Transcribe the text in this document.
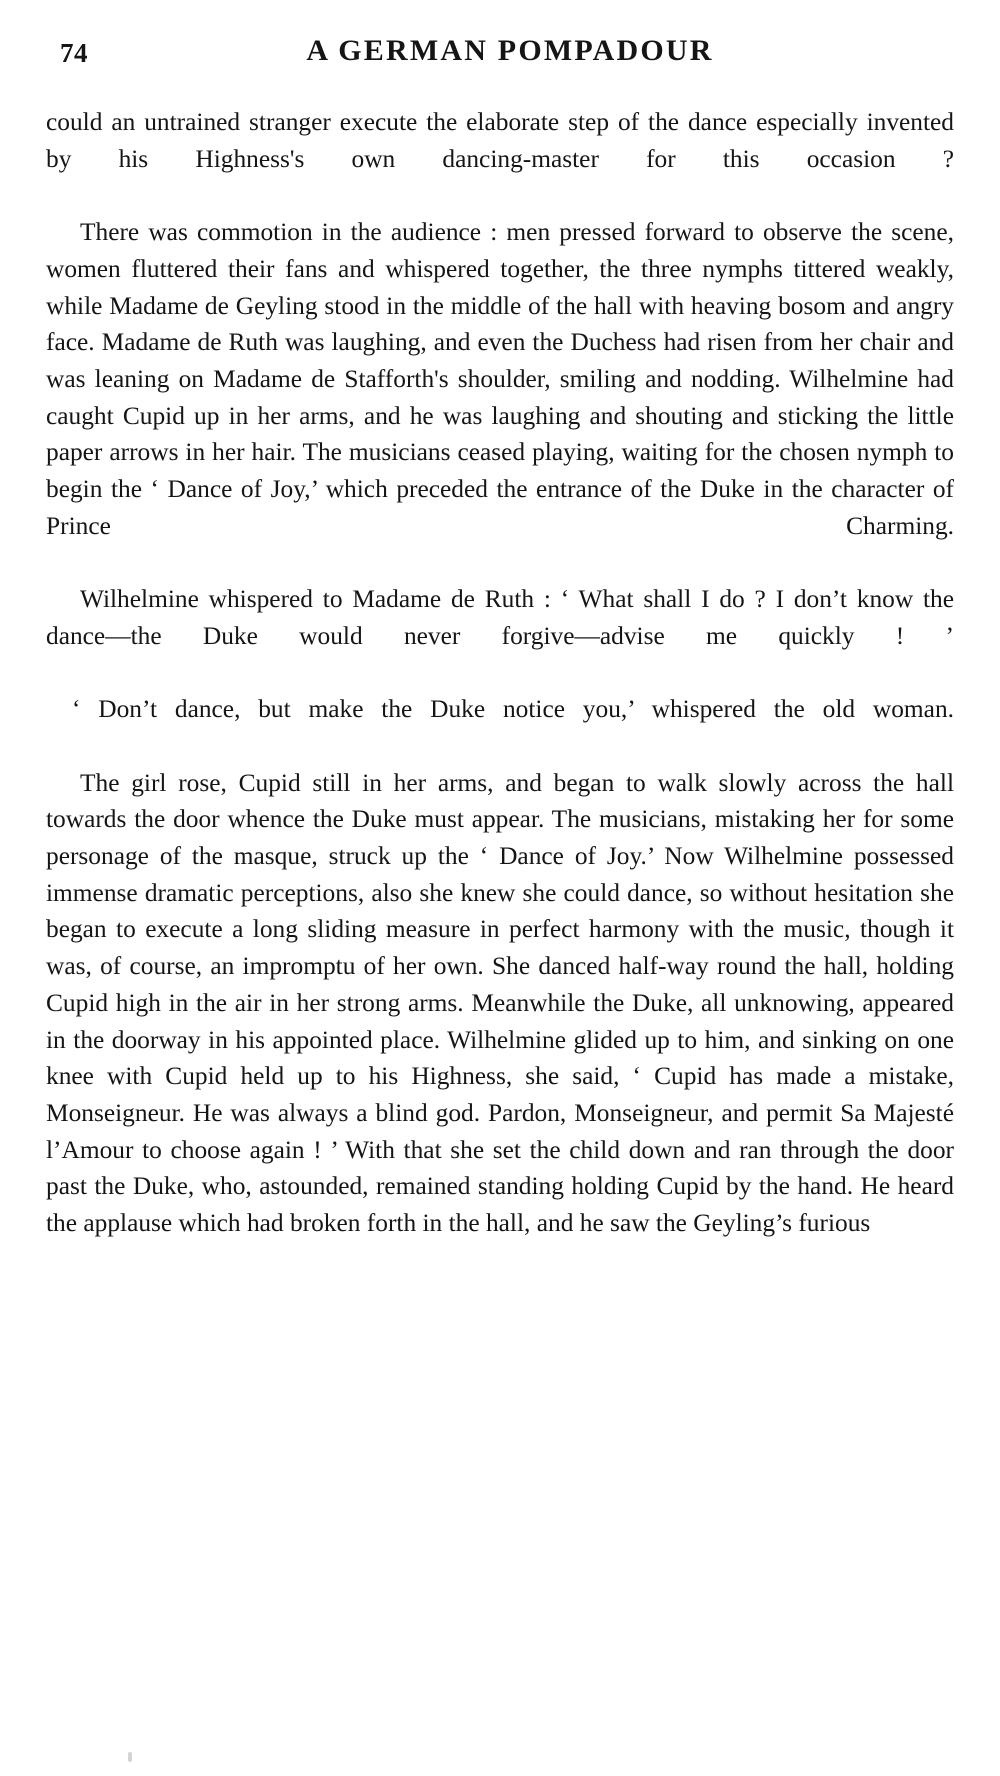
74	A GERMAN POMPADOUR

could an untrained stranger execute the elaborate step of the dance especially invented by his Highness's own dancing-master for this occasion ?

There was commotion in the audience : men pressed forward to observe the scene, women fluttered their fans and whispered together, the three nymphs tittered weakly, while Madame de Geyling stood in the middle of the hall with heaving bosom and angry face. Madame de Ruth was laughing, and even the Duchess had risen from her chair and was leaning on Madame de Stafforth's shoulder, smiling and nodding. Wilhelmine had caught Cupid up in her arms, and he was laughing and shouting and sticking the little paper arrows in her hair. The musicians ceased playing, waiting for the chosen nymph to begin the ‘ Dance of Joy,’ which preceded the entrance of the Duke in the character of Prince Charming.

Wilhelmine whispered to Madame de Ruth : ‘ What shall I do ? I don’t know the dance—the Duke would never forgive—advise me quickly ! ’

‘ Don’t dance, but make the Duke notice you,’ whispered the old woman.

The girl rose, Cupid still in her arms, and began to walk slowly across the hall towards the door whence the Duke must appear. The musicians, mistaking her for some personage of the masque, struck up the ‘ Dance of Joy.’ Now Wilhelmine possessed immense dramatic perceptions, also she knew she could dance, so without hesitation she began to execute a long sliding measure in perfect harmony with the music, though it was, of course, an impromptu of her own. She danced half-way round the hall, holding Cupid high in the air in her strong arms. Meanwhile the Duke, all unknowing, appeared in the doorway in his appointed place. Wilhelmine glided up to him, and sinking on one knee with Cupid held up to his Highness, she said, ‘ Cupid has made a mistake, Monseigneur. He was always a blind god. Pardon, Monseigneur, and permit Sa Majesté l’Amour to choose again ! ’ With that she set the child down and ran through the door past the Duke, who, astounded, remained standing holding Cupid by the hand. He heard the applause which had broken forth in the hall, and he saw the Geyling’s furious
